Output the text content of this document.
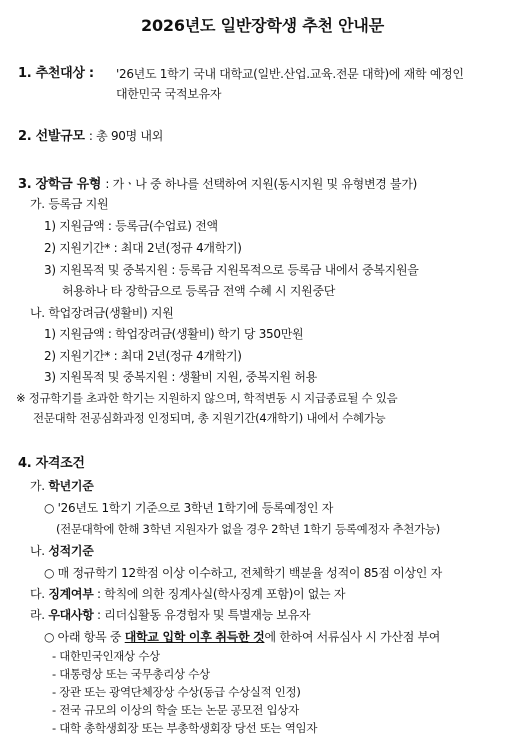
2026년도 일반장학생 추천 안내문
1. 추천대상 : '26년도 1학기 국내 대학교(일반.산업.교육.전문 대학)에 재학 예정인
대한민국 국적보유자
2. 선발규모 : 총 90명 내외
3. 장학금 유형 : 가ㆍ나 중 하나를 선택하여 지원(동시지원 및 유형변경 불가)
가. 등록금 지원
1) 지원금액 : 등록금(수업료) 전액
2) 지원기간* : 최대 2년(정규 4개학기)
3) 지원목적 및 중복지원 : 등록금 지원목적으로 등록금 내에서 중복지원을
허용하나 타 장학금으로 등록금 전액 수혜 시 지원중단
나. 학업장려금(생활비) 지원
1) 지원금액 : 학업장려금(생활비) 학기 당 350만원
2) 지원기간* : 최대 2년(정규 4개학기)
3) 지원목적 및 중복지원 : 생활비 지원, 중복지원 허용
※ 정규학기를 초과한 학기는 지원하지 않으며, 학적변동 시 지급종료될 수 있음
전문대학 전공심화과정 인정되며, 총 지원기간(4개학기) 내에서 수혜가능
4. 자격조건
가. 학년기준
○ '26년도 1학기 기준으로 3학년 1학기에 등록예정인 자
(전문대학에 한해 3학년 지원자가 없을 경우 2학년 1학기 등록예정자 추천가능)
나. 성적기준
○ 매 정규학기 12학점 이상 이수하고, 전체학기 백분율 성적이 85점 이상인 자
다. 징계여부 : 학칙에 의한 징계사실(학사징계 포함)이 없는 자
라. 우대사항 : 리더십활동 유경험자 및 특별재능 보유자
○ 아래 항목 중 대학교 입학 이후 취득한 것에 한하여 서류심사 시 가산점 부여
- 대한민국인재상 수상
- 대통령상 또는 국무총리상 수상
- 장관 또는 광역단체장상 수상(동급 수상실적 인정)
- 전국 규모의 이상의 학술 또는 논문 공모전 입상자
- 대학 총학생회장 또는 부총학생회장 당선 또는 역임자
